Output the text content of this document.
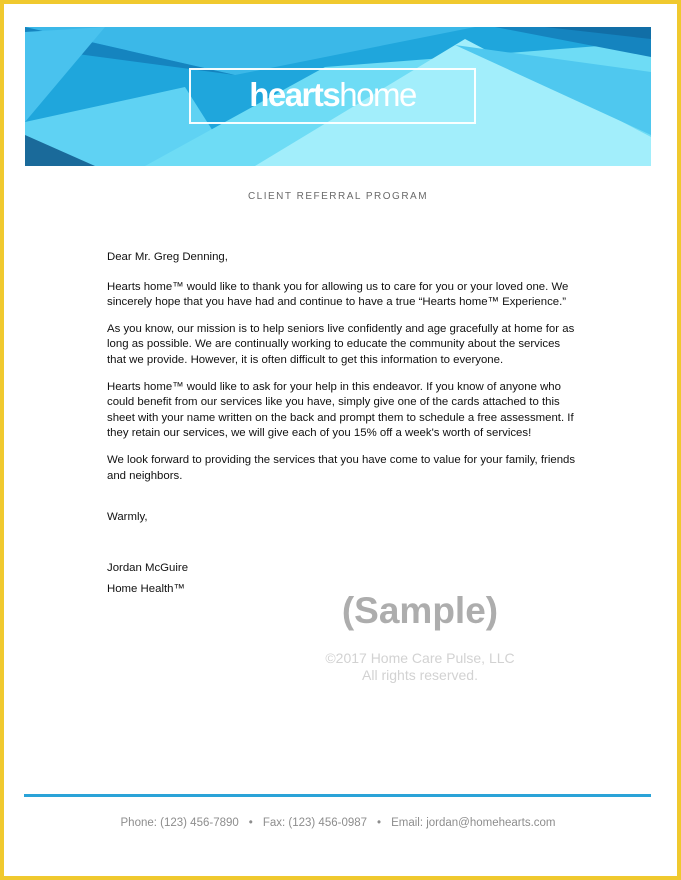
heartshome
CLIENT REFERRAL PROGRAM

Dear Mr. Greg Denning,

Hearts home™ would like to thank you for allowing us to care for you or your loved one. We sincerely hope that you have had and continue to have a true “Hearts home™ Experience.”

As you know, our mission is to help seniors live confidently and age gracefully at home for as long as possible. We are continually working to educate the community about the services that we provide. However, it is often difficult to get this information to everyone.

Hearts home™ would like to ask for your help in this endeavor. If you know of anyone who could benefit from our services like you have, simply give one of the cards attached to this sheet with your name written on the back and prompt them to schedule a free assessment. If they retain our services, we will give each of you 15% off a week's worth of services!

We look forward to providing the services that you have come to value for your family, friends and neighbors.

Warmly,

Jordan McGuire

Home Health™

(Sample)
©2017 Home Care Pulse, LLC
All rights reserved.
Phone: (123) 456-7890 • Fax: (123) 456-0987 • Email: jordan@homehearts.com
